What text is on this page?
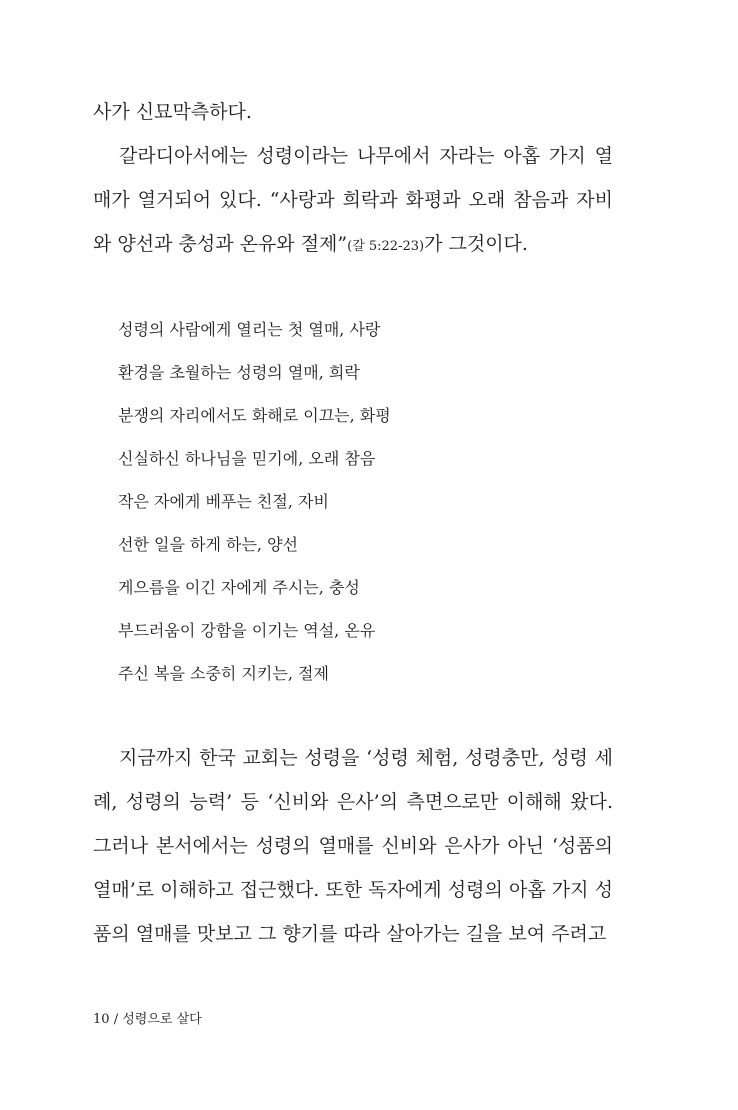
사가 신묘막측하다.

갈라디아서에는 성령이라는 나무에서 자라는 아홉 가지 열매가 열거되어 있다. “사랑과 희락과 화평과 오래 참음과 자비와 양선과 충성과 온유와 절제”(갈 5:22-23)가 그것이다.

성령의 사람에게 열리는 첫 열매, 사랑
환경을 초월하는 성령의 열매, 희락
분쟁의 자리에서도 화해로 이끄는, 화평
신실하신 하나님을 믿기에, 오래 참음
작은 자에게 베푸는 친절, 자비
선한 일을 하게 하는, 양선
게으름을 이긴 자에게 주시는, 충성
부드러움이 강함을 이기는 역설, 온유
주신 복을 소중히 지키는, 절제

지금까지 한국 교회는 성령을 ‘성령 체험, 성령충만, 성령 세례, 성령의 능력’ 등 ‘신비와 은사’의 측면으로만 이해해 왔다. 그러나 본서에서는 성령의 열매를 신비와 은사가 아닌 ‘성품의 열매’로 이해하고 접근했다. 또한 독자에게 성령의 아홉 가지 성품의 열매를 맛보고 그 향기를 따라 살아가는 길을 보여 주려고

10 / 성령으로 살다
